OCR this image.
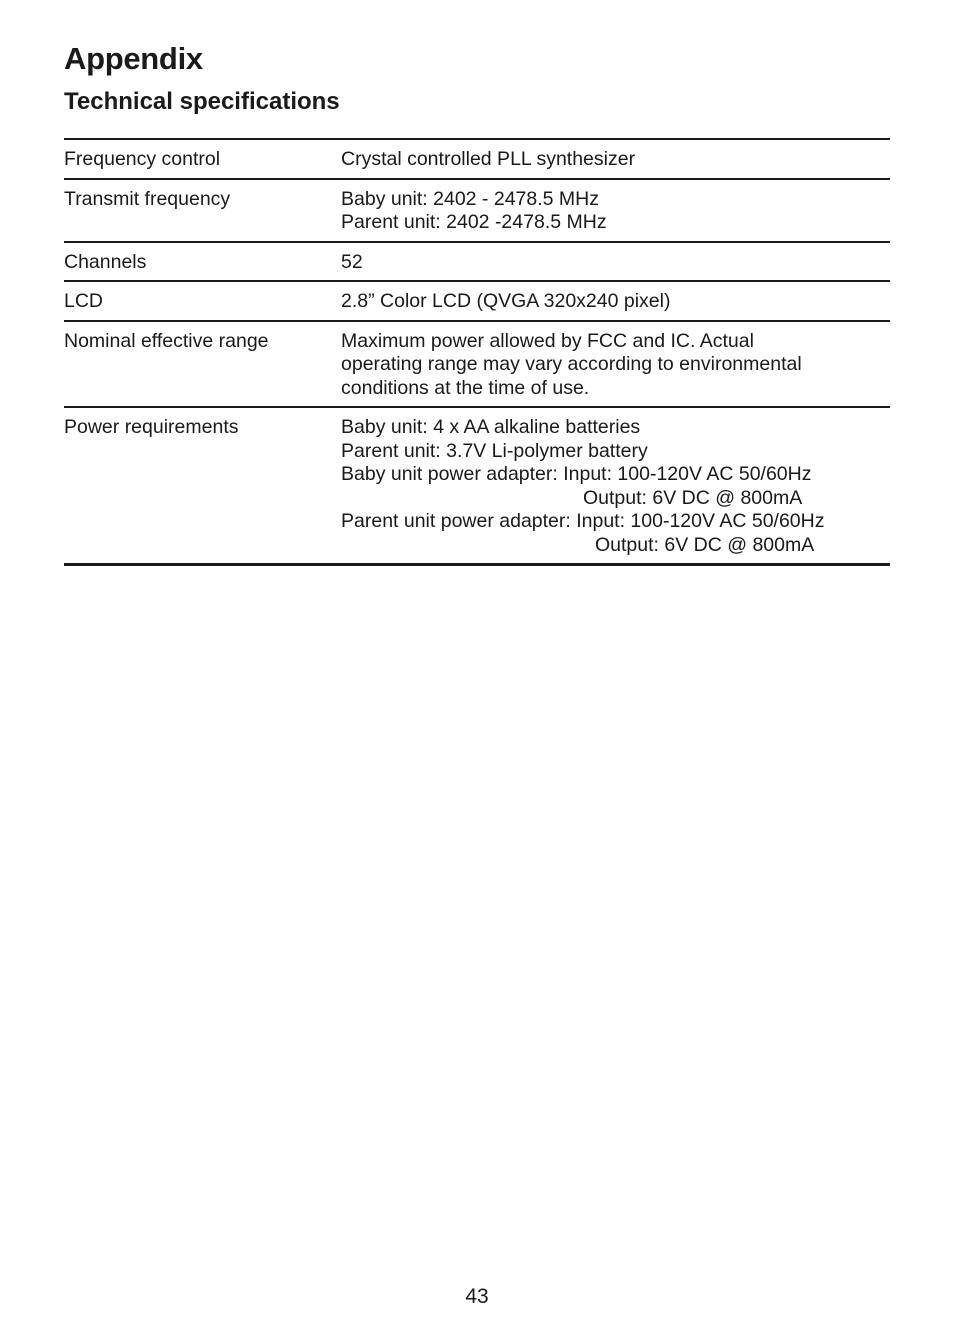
Appendix
Technical specifications
Frequency control	Crystal controlled PLL synthesizer
Transmit frequency	Baby unit: 2402 - 2478.5 MHz
Parent unit: 2402 -2478.5 MHz
Channels	52
LCD	2.8” Color LCD (QVGA 320x240 pixel)
Nominal effective range	Maximum power allowed by FCC and IC. Actual
operating range may vary according to environmental
conditions at the time of use.
Power requirements	Baby unit: 4 x AA alkaline batteries
Parent unit: 3.7V Li-polymer battery
Baby unit power adapter: Input: 100-120V AC 50/60Hz
Output: 6V DC @ 800mA
Parent unit power adapter: Input: 100-120V AC 50/60Hz
Output: 6V DC @ 800mA
43
